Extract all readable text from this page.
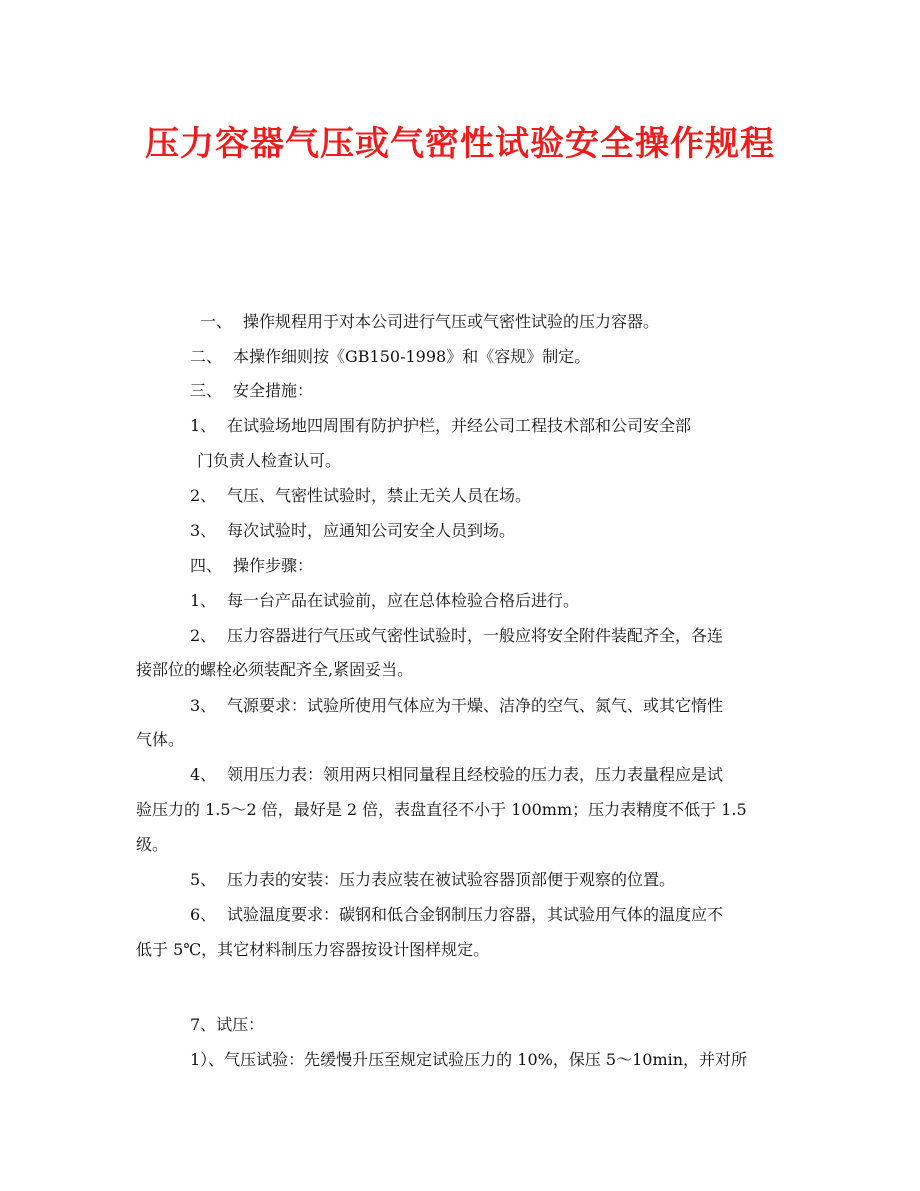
压力容器气压或气密性试验安全操作规程
一、 操作规程用于对本公司进行气压或气密性试验的压力容器。
二、 本操作细则按《GB150-1998》和《容规》制定。
三、 安全措施：
1、 在试验场地四周围有防护护栏，并经公司工程技术部和公司安全部
门负责人检查认可。
2、 气压、气密性试验时，禁止无关人员在场。
3、 每次试验时，应通知公司安全人员到场。
四、 操作步骤：
1、 每一台产品在试验前，应在总体检验合格后进行。
2、 压力容器进行气压或气密性试验时，一般应将安全附件装配齐全，各连
接部位的螺栓必须装配齐全,紧固妥当。
3、 气源要求：试验所使用气体应为干燥、洁净的空气、氮气、或其它惰性
气体。
4、 领用压力表：领用两只相同量程且经校验的压力表，压力表量程应是试
验压力的 1.5～2 倍，最好是 2 倍，表盘直径不小于 100mm；压力表精度不低于 1.5
级。
5、 压力表的安装：压力表应装在被试验容器顶部便于观察的位置。
6、 试验温度要求：碳钢和低合金钢制压力容器，其试验用气体的温度应不
低于 5℃，其它材料制压力容器按设计图样规定。
7、试压：
1）、气压试验：先缓慢升压至规定试验压力的 10%，保压 5～10min，并对所
